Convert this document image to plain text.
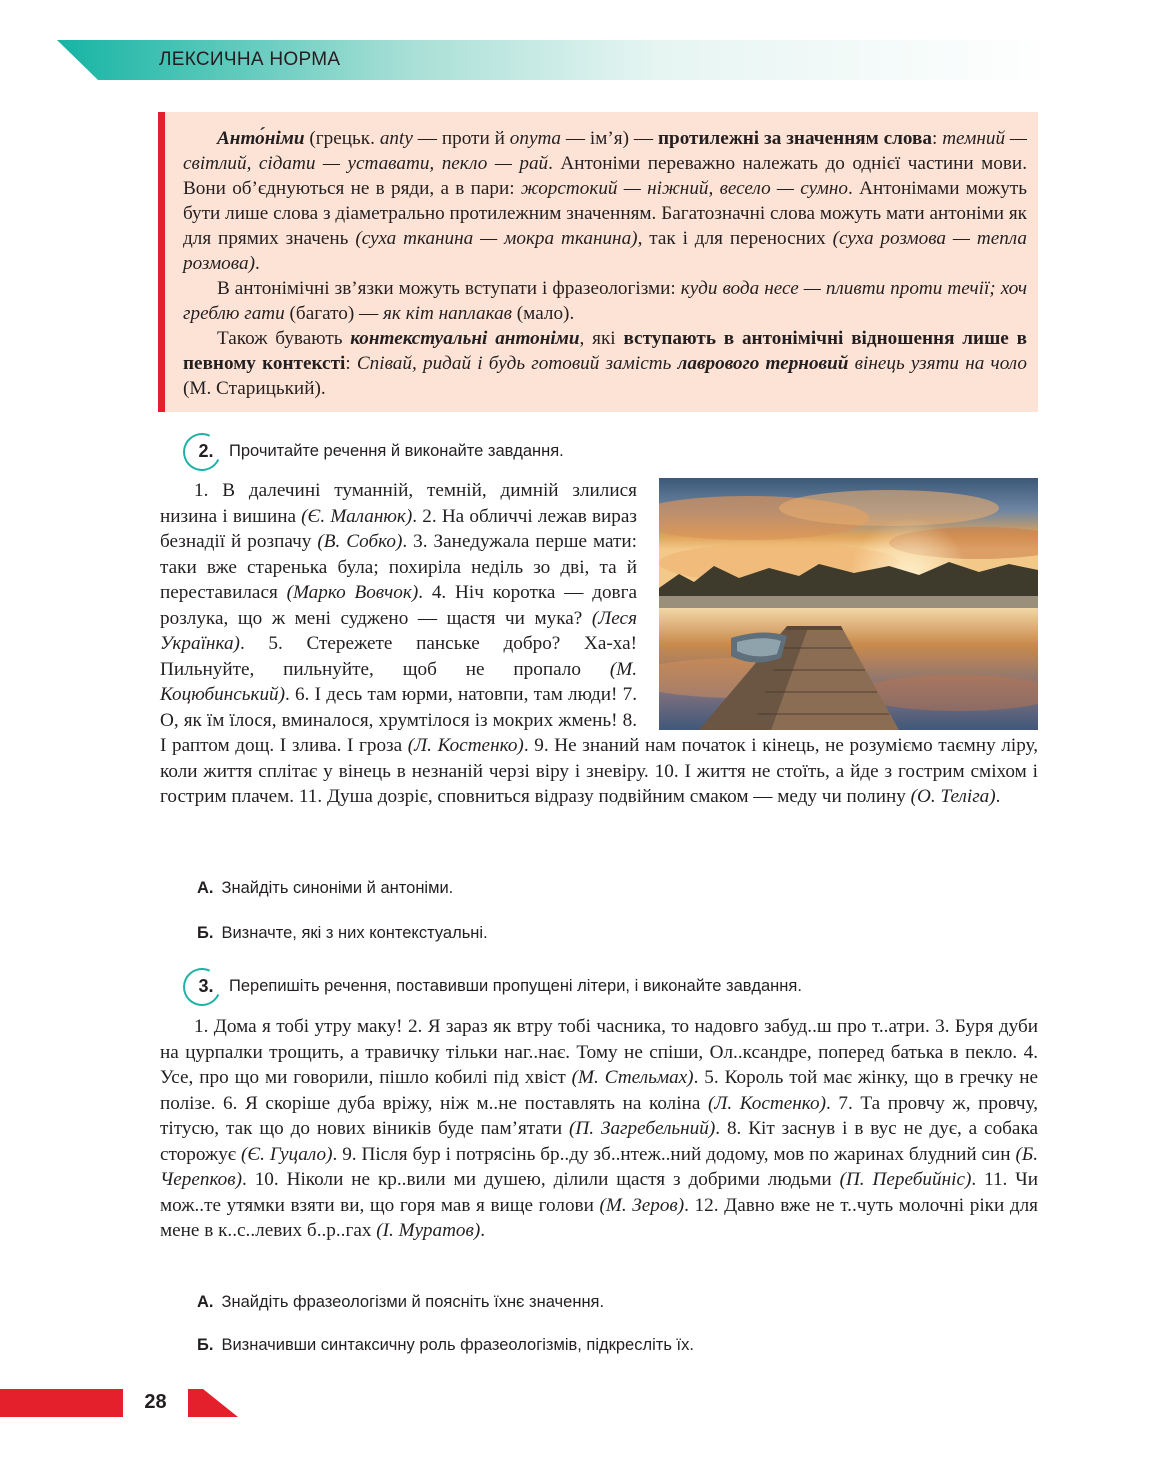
ЛЕКСИЧНА НОРМА

Анто́німи (грецьк. anty — проти й onyma — ім’я) — протилежні за значенням слова: темний — світлий, сідати — уставати, пекло — рай. Антоніми переважно належать до однієї частини мови. Вони об’єднуються не в ряди, а в пари: жорстокий — ніжний, весело — сумно. Антонімами можуть бути лише слова з діаметрально протилежним значенням. Багатозначні слова можуть мати антоніми як для прямих значень (суха тканина — мокра тканина), так і для переносних (суха розмова — тепла розмова).

В антонімічні зв’язки можуть вступати і фразеологізми: куди вода несе — пливти проти течії; хоч греблю гати (багато) — як кіт наплакав (мало).

Також бувають контекстуальні антоніми, які вступають в антонімічні відношення лише в певному контексті: Співай, ридай і будь готовий замість лаврового терновий вінець узяти на чоло (М. Старицький).

2. Прочитайте речення й виконайте завдання.

1. В далечині туманній, темній, димній злилися низина і вишина (Є. Маланюк). 2. На обличчі лежав вираз безнадії й розпачу (В. Собко). 3. Занедужала перше мати: таки вже старенька була; похиріла неділь зо дві, та й переставилася (Марко Вовчок). 4. Ніч коротка — довга розлука, що ж мені суджено — щастя чи мука? (Леся Українка). 5. Стережете панське добро? Ха-ха! Пильнуйте, пильнуйте, щоб не пропало (М. Коцюбинський). 6. І десь там юрми, натовпи, там люди! 7. О, як їм їлося, вминалося, хрумтілося із мокрих жмень! 8. І раптом дощ. І злива. І гроза (Л. Костенко). 9. Не знаний нам початок і кінець, не розуміємо таємну ліру, коли життя сплітає у вінець в незнаній черзі віру і зневіру. 10. І життя не стоїть, а йде з гострим сміхом і гострим плачем. 11. Душа дозріє, сповниться відразу подвійним смаком — меду чи полину (О. Теліга).

А. Знайдіть синоніми й антоніми.
Б. Визначте, які з них контекстуальні.
3. Перепишіть речення, поставивши пропущені літери, і виконайте завдання.

1. Дома я тобі утру маку! 2. Я зараз як втру тобі часника, то надовго забуд..ш про т..атри. 3. Буря дуби на цурпалки трощить, а травичку тільки наг..нає. Тому не спіши, Ол..ксандре, поперед батька в пекло. 4. Усе, про що ми говорили, пішло кобилі під хвіст (М. Стельмах). 5. Король той має жінку, що в гречку не полізе. 6. Я скоріше дуба вріжу, ніж м..не поставлять на коліна (Л. Костенко). 7. Та провчу ж, провчу, тітусю, так що до нових віників буде пам’ятати (П. Загребельний). 8. Кіт заснув і в вус не дує, а собака сторожує (Є. Гуцало). 9. Після бур і потрясінь бр..ду зб..нтеж..ний додому, мов по жаринах блудний син (Б. Черепков). 10. Ніколи не кр..вили ми душею, ділили щастя з добрими людьми (П. Перебийніс). 11. Чи мож..те утямки взяти ви, що горя мав я вище голови (М. Зеров). 12. Давно вже не т..чуть молочні ріки для мене в к..с..левих б..р..гах (І. Муратов).

А. Знайдіть фразеологізми й поясніть їхнє значення.
Б. Визначивши синтаксичну роль фразеологізмів, підкресліть їх.
28
